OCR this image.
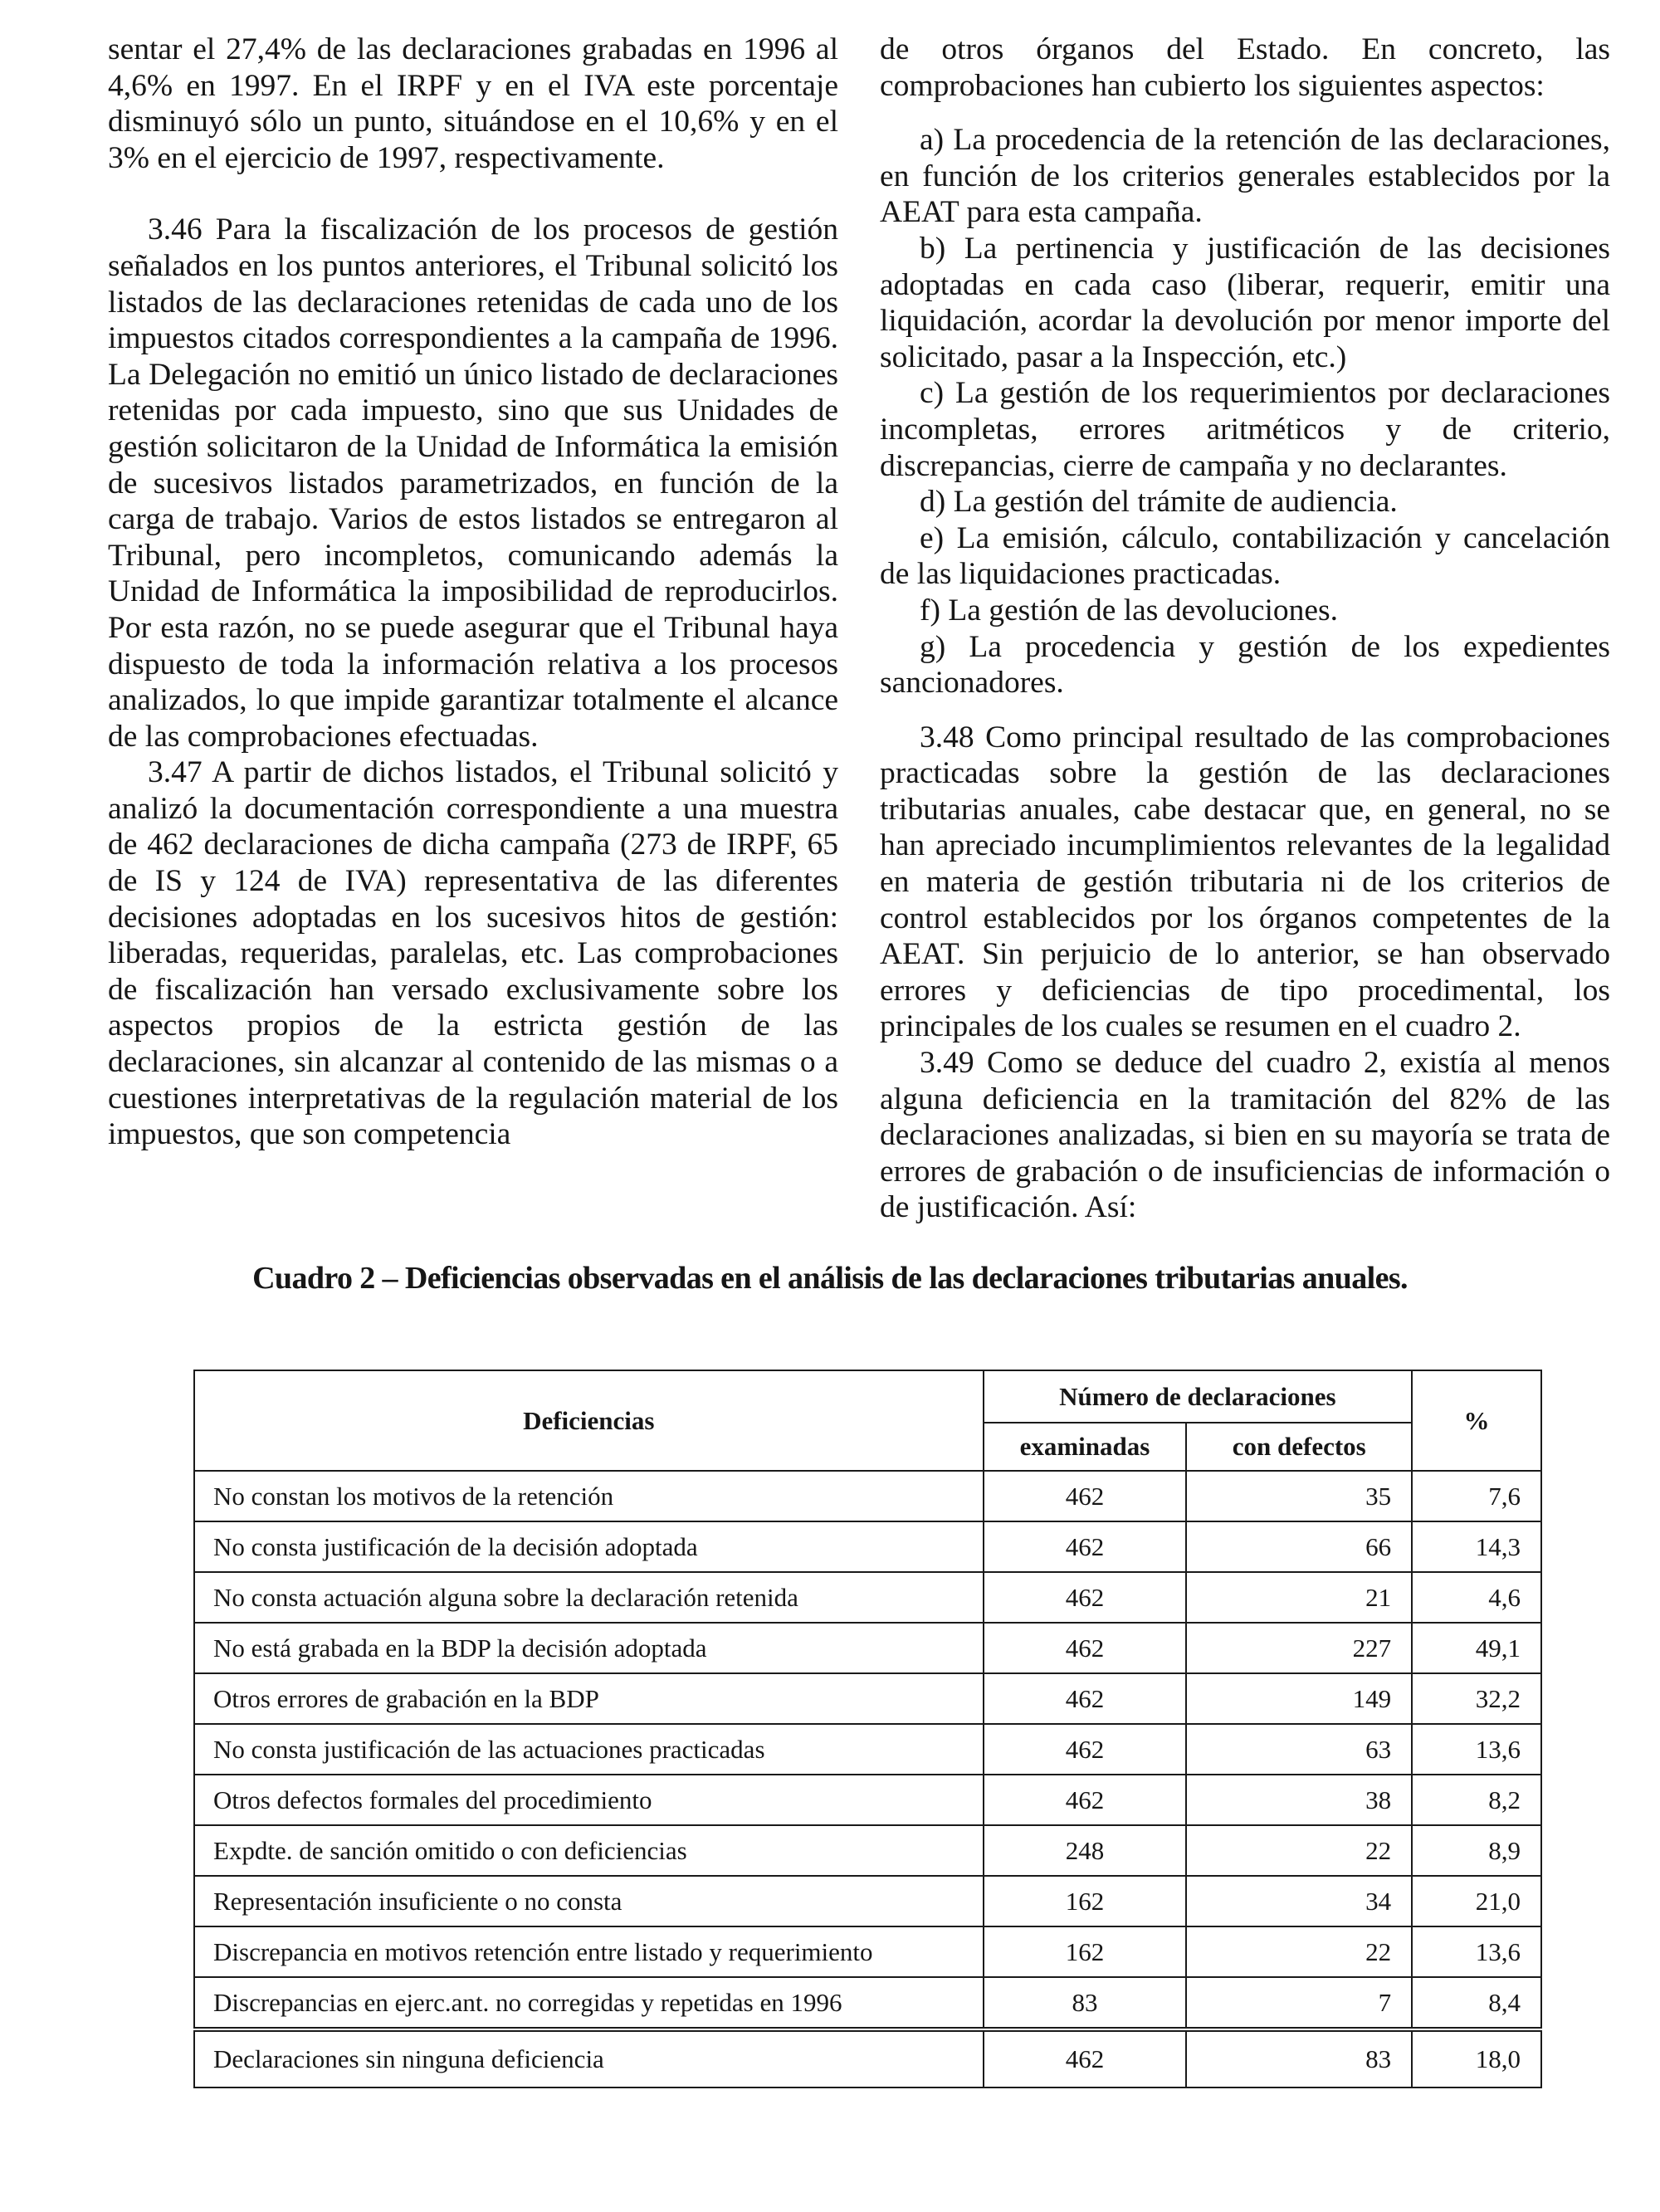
sentar el 27,4% de las declaraciones grabadas en 1996 al 4,6% en 1997. En el IRPF y en el IVA este porcentaje disminuyó sólo un punto, situándose en el 10,6% y en el 3% en el ejercicio de 1997, respectivamente.

3.46 Para la fiscalización de los procesos de gestión señalados en los puntos anteriores, el Tribunal solicitó los listados de las declaraciones retenidas de cada uno de los impuestos citados correspondientes a la campaña de 1996. La Delegación no emitió un único listado de declaraciones retenidas por cada impuesto, sino que sus Unidades de gestión solicitaron de la Unidad de Informática la emisión de sucesivos listados parametrizados, en función de la carga de trabajo. Varios de estos listados se entregaron al Tribunal, pero incompletos, comunicando además la Unidad de Informática la imposibilidad de reproducirlos. Por esta razón, no se puede asegurar que el Tribunal haya dispuesto de toda la información relativa a los procesos analizados, lo que impide garantizar totalmente el alcance de las comprobaciones efectuadas.

3.47 A partir de dichos listados, el Tribunal solicitó y analizó la documentación correspondiente a una muestra de 462 declaraciones de dicha campaña (273 de IRPF, 65 de IS y 124 de IVA) representativa de las diferentes decisiones adoptadas en los sucesivos hitos de gestión: liberadas, requeridas, paralelas, etc. Las comprobaciones de fiscalización han versado exclusivamente sobre los aspectos propios de la estricta gestión de las declaraciones, sin alcanzar al contenido de las mismas o a cuestiones interpretativas de la regulación material de los impuestos, que son competencia

de otros órganos del Estado. En concreto, las comprobaciones han cubierto los siguientes aspectos:

a) La procedencia de la retención de las declaraciones, en función de los criterios generales establecidos por la AEAT para esta campaña.

b) La pertinencia y justificación de las decisiones adoptadas en cada caso (liberar, requerir, emitir una liquidación, acordar la devolución por menor importe del solicitado, pasar a la Inspección, etc.)

c) La gestión de los requerimientos por declaraciones incompletas, errores aritméticos y de criterio, discrepancias, cierre de campaña y no declarantes.

d) La gestión del trámite de audiencia.

e) La emisión, cálculo, contabilización y cancelación de las liquidaciones practicadas.

f) La gestión de las devoluciones.

g) La procedencia y gestión de los expedientes sancionadores.

3.48 Como principal resultado de las comprobaciones practicadas sobre la gestión de las declaraciones tributarias anuales, cabe destacar que, en general, no se han apreciado incumplimientos relevantes de la legalidad en materia de gestión tributaria ni de los criterios de control establecidos por los órganos competentes de la AEAT. Sin perjuicio de lo anterior, se han observado errores y deficiencias de tipo procedimental, los principales de los cuales se resumen en el cuadro 2.

3.49 Como se deduce del cuadro 2, existía al menos alguna deficiencia en la tramitación del 82% de las declaraciones analizadas, si bien en su mayoría se trata de errores de grabación o de insuficiencias de información o de justificación. Así:

Cuadro 2 – Deficiencias observadas en el análisis de las declaraciones tributarias anuales.
Deficiencias	Número de declaraciones		%
	examinadas	con defectos	
No constan los motivos de la retención	462	35	7,6
No consta justificación de la decisión adoptada	462	66	14,3
No consta actuación alguna sobre la declaración retenida	462	21	4,6
No está grabada en la BDP la decisión adoptada	462	227	49,1
Otros errores de grabación en la BDP	462	149	32,2
No consta justificación de las actuaciones practicadas	462	63	13,6
Otros defectos formales del procedimiento	462	38	8,2
Expdte. de sanción omitido o con deficiencias	248	22	8,9
Representación insuficiente o no consta	162	34	21,0
Discrepancia en motivos retención entre listado y requerimiento	162	22	13,6
Discrepancias en ejerc.ant. no corregidas y repetidas en 1996	83	7	8,4
Declaraciones sin ninguna deficiencia	462	83	18,0
